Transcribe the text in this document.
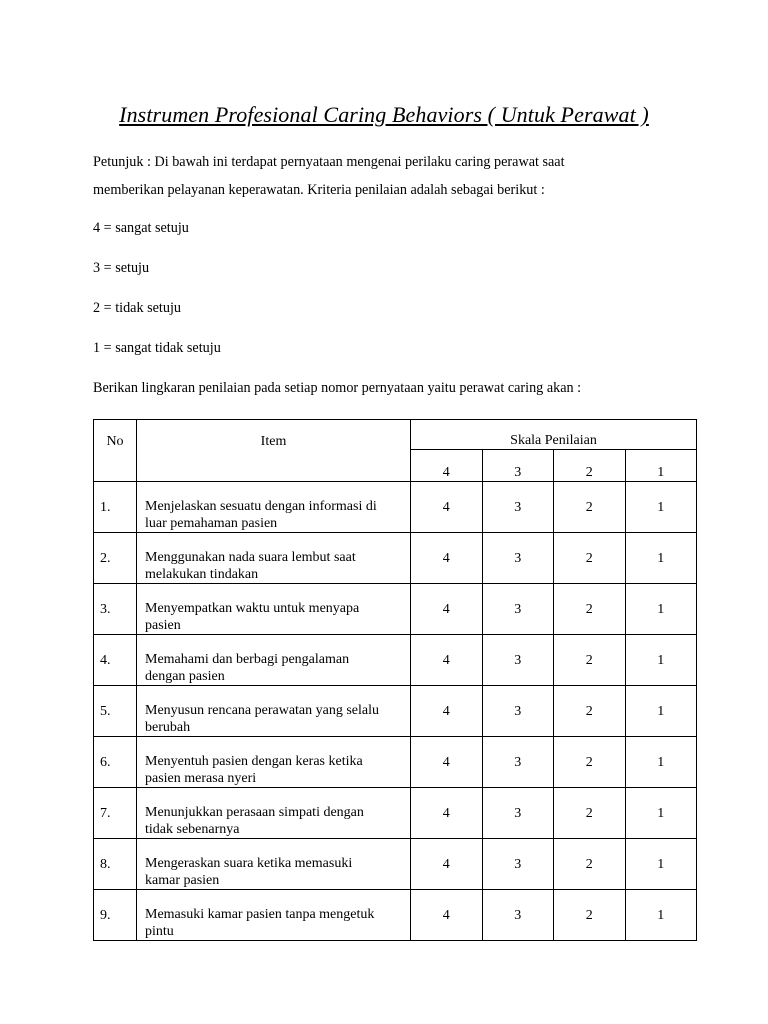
Instrumen Profesional Caring Behaviors ( Untuk Perawat )
Petunjuk : Di bawah ini terdapat pernyataan mengenai perilaku caring perawat saat
memberikan pelayanan keperawatan. Kriteria penilaian adalah sebagai berikut :
4 = sangat setuju
3 = setuju
2 = tidak setuju
1 = sangat tidak setuju
Berikan lingkaran penilaian pada setiap nomor pernyataan yaitu perawat caring akan :
No	Item	Skala Penilaian			
		4	3	2	1
1.	Menjelaskan sesuatu dengan informasi di
luar pemahaman pasien	4	3	2	1
2.	Menggunakan nada suara lembut saat
melakukan tindakan	4	3	2	1
3.	Menyempatkan waktu untuk menyapa
pasien	4	3	2	1
4.	Memahami dan berbagi pengalaman
dengan pasien	4	3	2	1
5.	Menyusun rencana perawatan yang selalu
berubah	4	3	2	1
6.	Menyentuh pasien dengan keras ketika
pasien merasa nyeri	4	3	2	1
7.	Menunjukkan perasaan simpati dengan
tidak sebenarnya	4	3	2	1
8.	Mengeraskan suara ketika memasuki
kamar pasien	4	3	2	1
9.	Memasuki kamar pasien tanpa mengetuk
pintu	4	3	2	1
